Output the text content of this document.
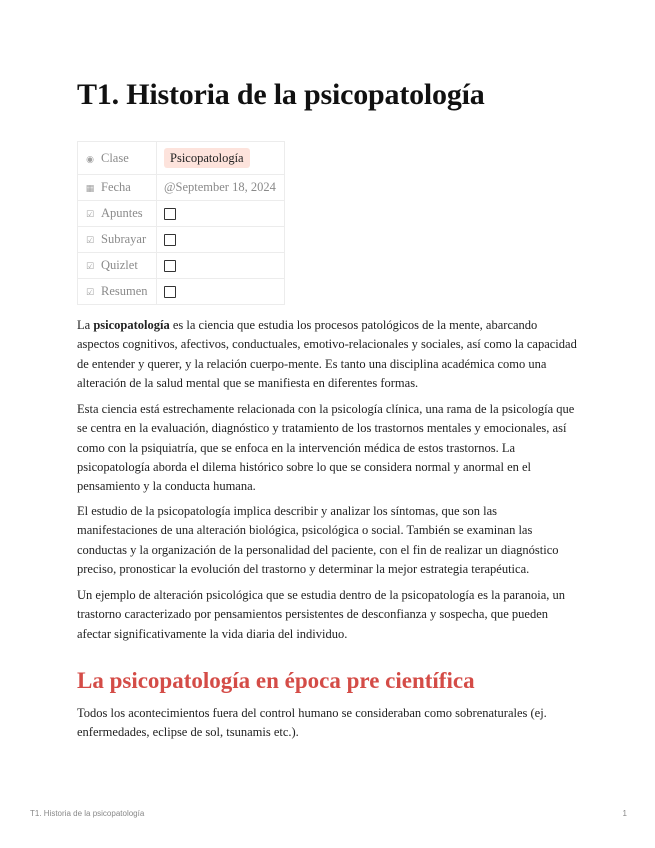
T1. Historia de la psicopatología
◉ Clase	Psicopatología
▦ Fecha	@September 18, 2024
☑ Apuntes	
☑ Subrayar	
☑ Quizlet	
☑ Resumen	

La psicopatología es la ciencia que estudia los procesos patológicos de la mente, abarcando aspectos cognitivos, afectivos, conductuales, emotivo-relacionales y sociales, así como la capacidad de entender y querer, y la relación cuerpo-mente. Es tanto una disciplina académica como una alteración de la salud mental que se manifiesta en diferentes formas.

Esta ciencia está estrechamente relacionada con la psicología clínica, una rama de la psicología que se centra en la evaluación, diagnóstico y tratamiento de los trastornos mentales y emocionales, así como con la psiquiatría, que se enfoca en la intervención médica de estos trastornos. La psicopatología aborda el dilema histórico sobre lo que se considera normal y anormal en el pensamiento y la conducta humana.

El estudio de la psicopatología implica describir y analizar los síntomas, que son las manifestaciones de una alteración biológica, psicológica o social. También se examinan las conductas y la organización de la personalidad del paciente, con el fin de realizar un diagnóstico preciso, pronosticar la evolución del trastorno y determinar la mejor estrategia terapéutica.

Un ejemplo de alteración psicológica que se estudia dentro de la psicopatología es la paranoia, un trastorno caracterizado por pensamientos persistentes de desconfianza y sospecha, que pueden afectar significativamente la vida diaria del individuo.

La psicopatología en época pre científica

Todos los acontecimientos fuera del control humano se consideraban como sobrenaturales (ej. enfermedades, eclipse de sol, tsunamis etc.).

T1. Historia de la psicopatología	1
